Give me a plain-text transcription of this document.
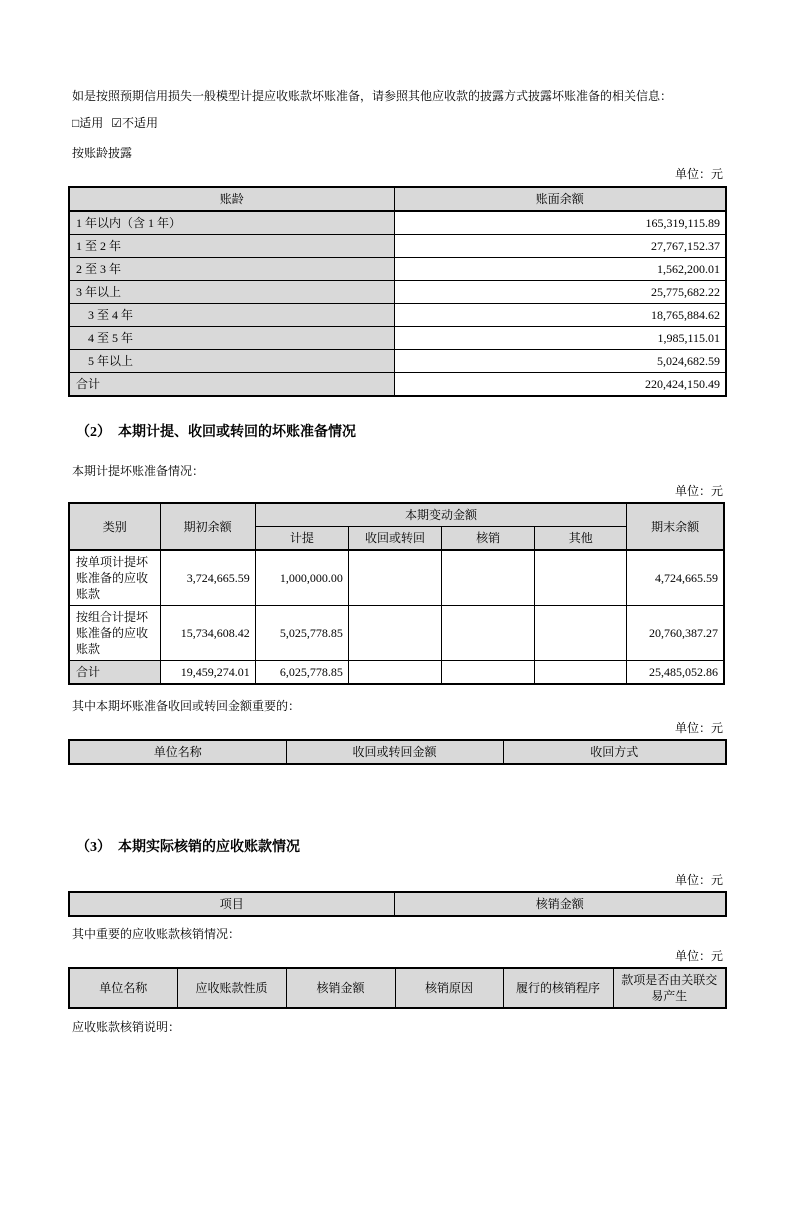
如是按照预期信用损失一般模型计提应收账款坏账准备，请参照其他应收款的披露方式披露坏账准备的相关信息：

□适用 ☑不适用

按账龄披露

单位：元

账龄	账面余额
1 年以内（含 1 年）	165,319,115.89
1 至 2 年	27,767,152.37
2 至 3 年	1,562,200.01
3 年以上	25,775,682.22
3 至 4 年	18,765,884.62
4 至 5 年	1,985,115.01
5 年以上	5,024,682.59
合计	220,424,150.49
（2）  本期计提、收回或转回的坏账准备情况

本期计提坏账准备情况：

单位：元

类别	期初余额	本期变动金额				期末余额
		计提	收回或转回	核销	其他	
按单项计提坏账准备的应收账款	3,724,665.59	1,000,000.00				4,724,665.59
按组合计提坏账准备的应收账款	15,734,608.42	5,025,778.85				20,760,387.27
合计	19,459,274.01	6,025,778.85				25,485,052.86

其中本期坏账准备收回或转回金额重要的：

单位：元

单位名称	收回或转回金额	收回方式
（3）  本期实际核销的应收账款情况

单位：元

项目	核销金额

其中重要的应收账款核销情况：

单位：元

单位名称	应收账款性质	核销金额	核销原因	履行的核销程序	款项是否由关联交易产生

应收账款核销说明：
